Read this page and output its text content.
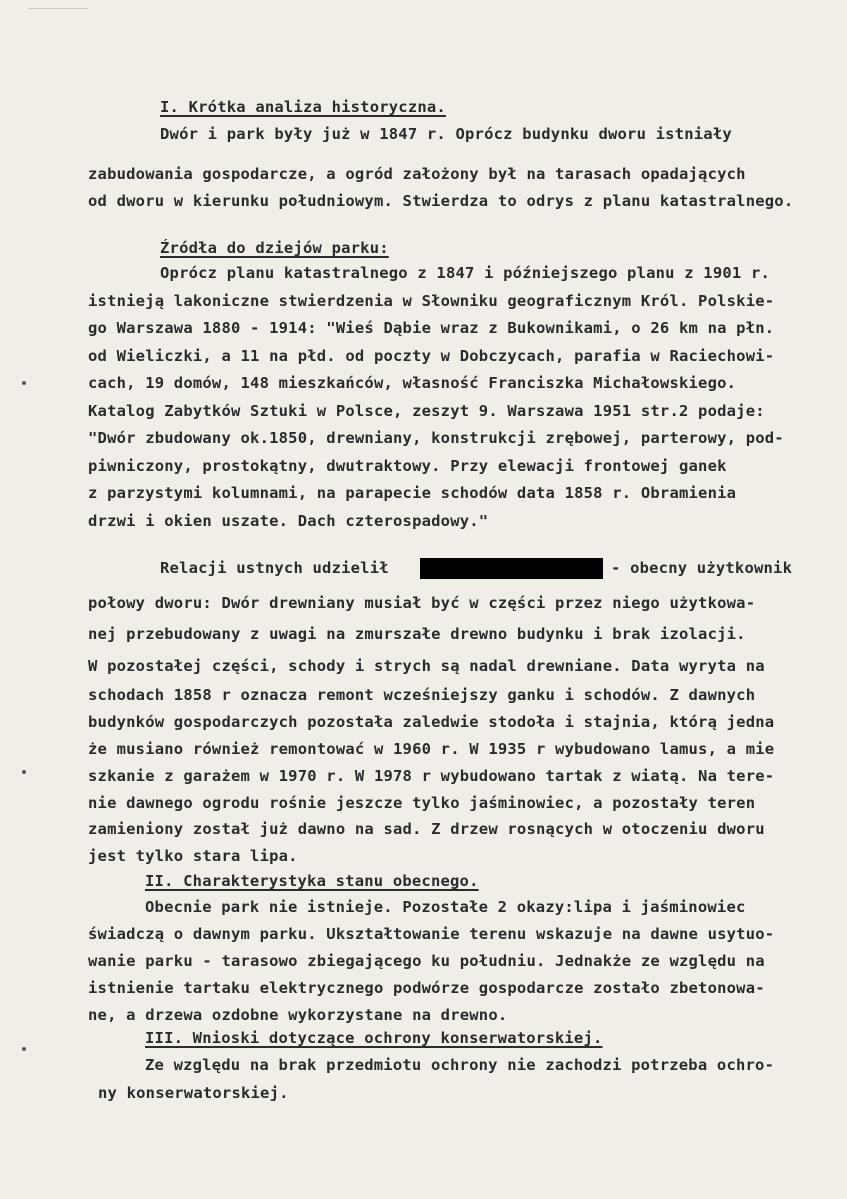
I. Krótka analiza historyczna.
Dwór i park były już w 1847 r. Oprócz budynku dworu istniały
zabudowania gospodarcze, a ogród założony był na tarasach opadających
od dworu w kierunku południowym. Stwierdza to odrys z planu katastralnego.
Źródła do dziejów parku:
Oprócz planu katastralnego z 1847 i późniejszego planu z 1901 r.
istnieją lakoniczne stwierdzenia w Słowniku geograficznym Król. Polskie-
go Warszawa 1880 - 1914: "Wieś Dąbie wraz z Bukownikami, o 26 km na płn.
od Wieliczki, a 11 na płd. od poczty w Dobczycach, parafia w Raciechowi-
cach, 19 domów, 148 mieszkańców, własność Franciszka Michałowskiego.
Katalog Zabytków Sztuki w Polsce, zeszyt 9. Warszawa 1951 str.2 podaje:
"Dwór zbudowany ok.1850, drewniany, konstrukcji zrębowej, parterowy, pod-
piwniczony, prostokątny, dwutraktowy. Przy elewacji frontowej ganek
z parzystymi kolumnami, na parapecie schodów data 1858 r. Obramienia
drzwi i okien uszate. Dach czterospadowy."
Relacji ustnych udzielił	- obecny użytkownik
połowy dworu: Dwór drewniany musiał być w części przez niego użytkowa-
nej przebudowany z uwagi na zmurszałe drewno budynku i brak izolacji.
W pozostałej części, schody i strych są nadal drewniane. Data wyryta na
schodach 1858 r oznacza remont wcześniejszy ganku i schodów. Z dawnych
budynków gospodarczych pozostała zaledwie stodoła i stajnia, którą jedna
że musiano również remontować w 1960 r. W 1935 r wybudowano lamus, a mie
szkanie z garażem w 1970 r. W 1978 r wybudowano tartak z wiatą. Na tere-
nie dawnego ogrodu rośnie jeszcze tylko jaśminowiec, a pozostały teren
zamieniony został już dawno na sad. Z drzew rosnących w otoczeniu dworu
jest tylko stara lipa.
II. Charakterystyka stanu obecnego.
Obecnie park nie istnieje. Pozostałe 2 okazy:lipa i jaśminowiec
świadczą o dawnym parku. Ukształtowanie terenu wskazuje na dawne usytuo-
wanie parku - tarasowo zbiegającego ku południu. Jednakże ze względu na
istnienie tartaku elektrycznego podwórze gospodarcze zostało zbetonowa-
ne, a drzewa ozdobne wykorzystane na drewno.
III. Wnioski dotyczące ochrony konserwatorskiej.
Ze względu na brak przedmiotu ochrony nie zachodzi potrzeba ochro-
ny konserwatorskiej.
